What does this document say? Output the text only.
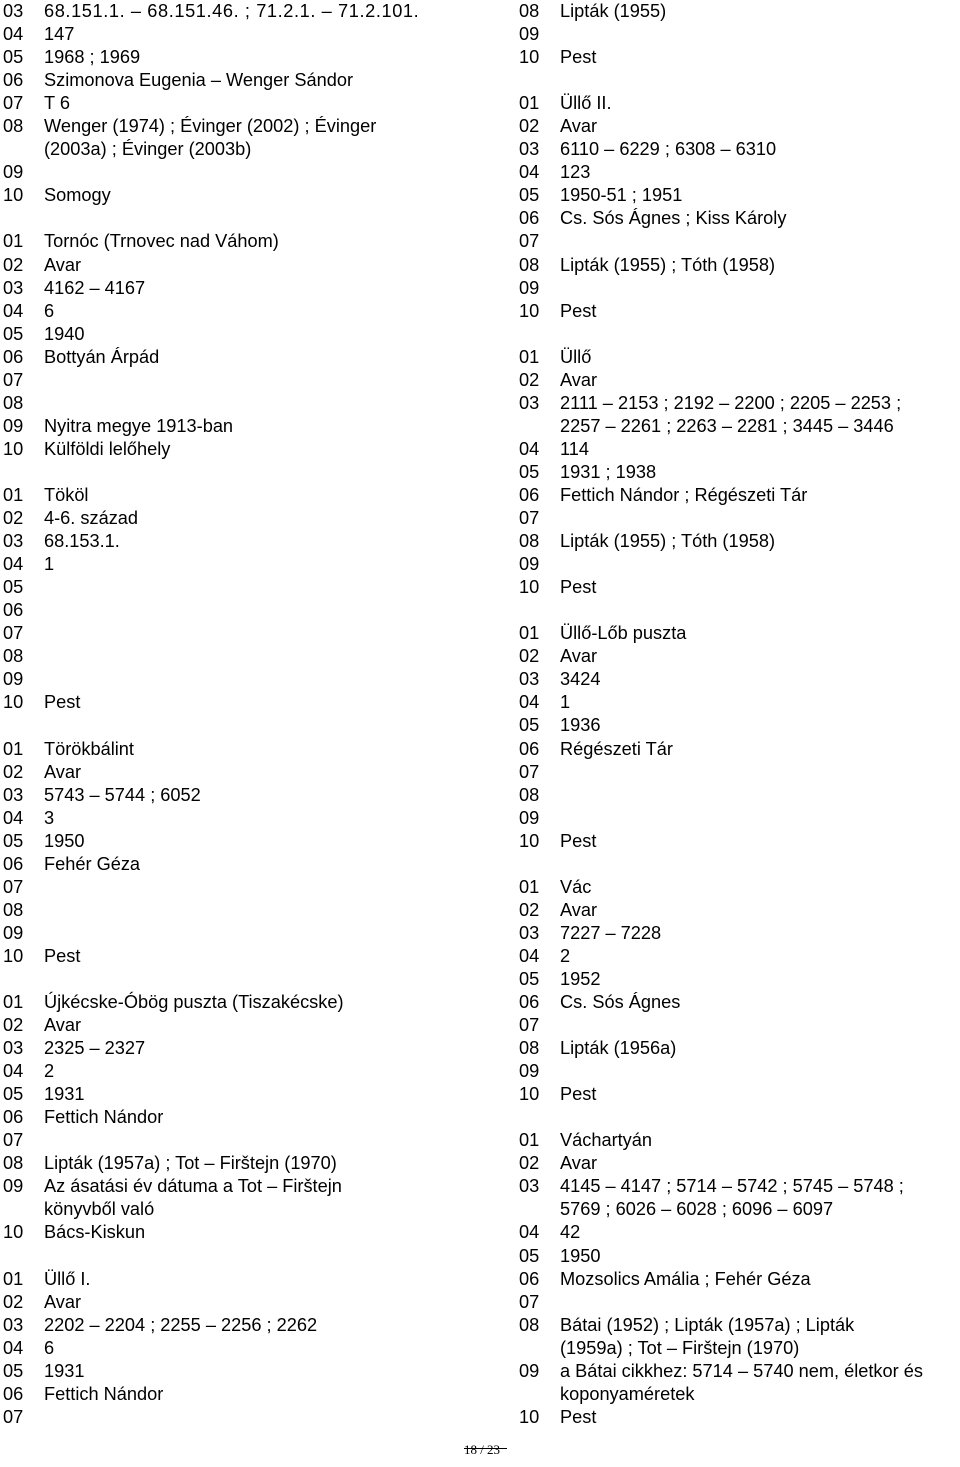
03	68.151.1. – 68.151.46. ; 71.2.1. – 71.2.101.
04	147
05	1968 ; 1969
06	Szimonova Eugenia – Wenger Sándor
07	T 6
08	Wenger (1974) ; Évinger (2002) ; Évinger
(2003a) ; Évinger (2003b)
09
10	Somogy
01	Tornóc (Trnovec nad Váhom)
02	Avar
03	4162 – 4167
04	6
05	1940
06	Bottyán Árpád
07
08
09	Nyitra megye 1913-ban
10	Külföldi lelőhely
01	Tököl
02	4-6. század
03	68.153.1.
04	1
05
06
07
08
09
10	Pest
01	Törökbálint
02	Avar
03	5743 – 5744 ; 6052
04	3
05	1950
06	Fehér Géza
07
08
09
10	Pest
01	Újkécske-Óbög puszta (Tiszakécske)
02	Avar
03	2325 – 2327
04	2
05	1931
06	Fettich Nándor
07
08	Lipták (1957a) ; Tot – Firštejn (1970)
09	Az ásatási év dátuma a Tot – Firštejn
könyvből való
10	Bács-Kiskun
01	Üllő I.
02	Avar
03	2202 – 2204 ; 2255 – 2256 ; 2262
04	6
05	1931
06	Fettich Nándor
07
08	Lipták (1955)
09
10	Pest
01	Üllő II.
02	Avar
03	6110 – 6229 ; 6308 – 6310
04	123
05	1950-51 ; 1951
06	Cs. Sós Ágnes ; Kiss Károly
07
08	Lipták (1955) ; Tóth (1958)
09
10	Pest
01	Üllő
02	Avar
03	2111 – 2153 ; 2192 – 2200 ; 2205 – 2253 ;
2257 – 2261 ; 2263 – 2281 ; 3445 – 3446
04	114
05	1931 ; 1938
06	Fettich Nándor ; Régészeti Tár
07
08	Lipták (1955) ; Tóth (1958)
09
10	Pest
01	Üllő-Lőb puszta
02	Avar
03	3424
04	1
05	1936
06	Régészeti Tár
07
08
09
10	Pest
01	Vác
02	Avar
03	7227 – 7228
04	2
05	1952
06	Cs. Sós Ágnes
07
08	Lipták (1956a)
09
10	Pest
01	Váchartyán
02	Avar
03	4145 – 4147 ; 5714 – 5742 ; 5745 – 5748 ;
5769 ; 6026 – 6028 ; 6096 – 6097
04	42
05	1950
06	Mozsolics Amália ; Fehér Géza
07
08	Bátai (1952) ; Lipták (1957a) ; Lipták
(1959a) ; Tot – Firštejn (1970)
09	a Bátai cikkhez: 5714 – 5740 nem, életkor és
koponyaméretek
10	Pest
18 / 23
